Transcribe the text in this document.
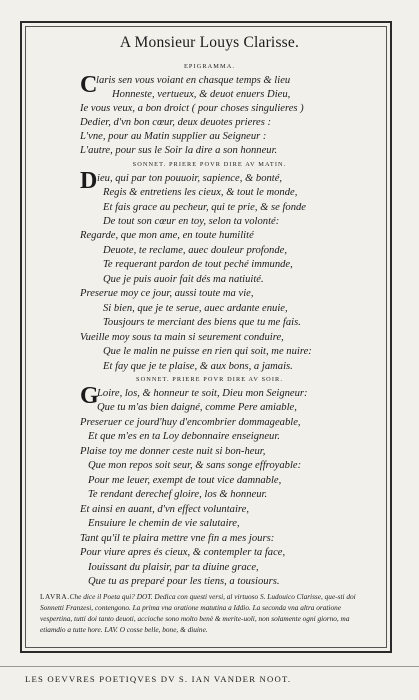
A Monsieur Louys Clarisse.
EPIGRAMMA.
C
laris sen vous voiant en chasque temps & lieu
Honneste, vertueux, & deuot enuers Dieu,
Ie vous veux, a bon droict ( pour choses singulieres )
Dedier, d'vn bon cœur, deux deuotes prieres :
L'vne, pour au Matin supplier au Seigneur :
L'autre, pour sus le Soir la dire a son honneur.
SONNET. PRIERE POVR DIRE AV MATIN.
D ieu, qui par ton pouuoir, sapience, & bonté,
Regis & entretiens les cieux, & tout le monde,
Et fais grace au pecheur, qui te prie, & se fonde
De tout son cœur en toy, selon ta volonté:
Regarde, que mon ame, en toute humilité
Deuote, te reclame, auec douleur profonde,
Te requerant pardon de tout peché immunde,
Que je puis auoir fait dés ma natiuité.
Preserue moy ce jour, aussi toute ma vie,
Si bien, que je te serue, auec ardante enuie,
Tousjours te merciant des biens que tu me fais.
Vueille moy sous ta main si seurement conduire,
Que le malin ne puisse en rien qui soit, me nuire:
Et fay que je te plaise, & aux bons, a jamais.
SONNET. PRIERE POVR DIRE AV SOIR.
G
Loire, los, & honneur te soit, Dieu mon Seigneur:
Que tu m'as bien daigné, comme Pere amiable,
Preseruer ce jourd'huy d'encombrier dommageable,
Et que m'es en ta Loy debonnaire enseigneur.
Plaise toy me donner ceste nuit si bon-heur,
Que mon repos soit seur, & sans songe effroyable:
Pour me leuer, exempt de tout vice damnable,
Te rendant derechef gloire, los & honneur.
Et ainsi en auant, d'vn effect voluntaire,
Ensuiure le chemin de vie salutaire,
Tant qu'il te plaira mettre vne fin a mes jours:
Pour viure apres és cieux, & contempler ta face,
Iouissant du plaisir, par ta diuine grace,
Que tu as preparé pour les tiens, a tousiours.
LAVRA.Che dice il Poeta qui? DOT. Dedica con questi versi, al virtuoso S. Ludouico Clarisse, que-sti doi Sonnetti Franzesi, contengono. La prima vna oratione matutina a Iddio. La seconda vna altra oratione vespertina, tutti doi tanto deuoti, accioche sono molto benè & merite-uoli, non solamente ogni giorno, ma etiamdio a tutte hore. LAV. O cosse belle, bone, & diuine.
LES OEVVRES POETIQVES DV S. IAN VANDER NOOT.
